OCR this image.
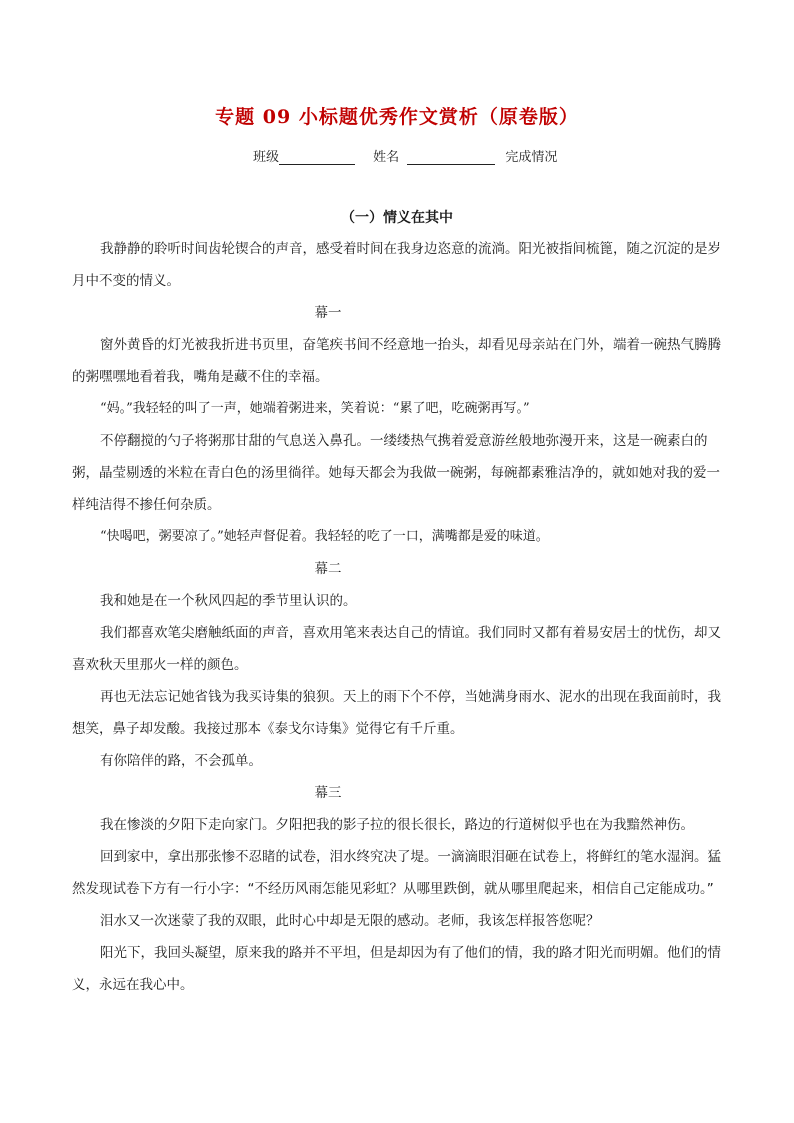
专题 09 小标题优秀作文赏析（原卷版）
班级	姓名	完成情况
（一）情义在其中

我静静的聆听时间齿轮锲合的声音，感受着时间在我身边恣意的流淌。阳光被指间梳篦，随之沉淀的是岁月中不变的情义。

幕一

窗外黄昏的灯光被我折进书页里，奋笔疾书间不经意地一抬头，却看见母亲站在门外，端着一碗热气腾腾的粥嘿嘿地看着我，嘴角是藏不住的幸福。

“妈。”我轻轻的叫了一声，她端着粥进来，笑着说：“累了吧，吃碗粥再写。”

不停翻搅的勺子将粥那甘甜的气息送入鼻孔。一缕缕热气携着爱意游丝般地弥漫开来，这是一碗素白的粥，晶莹剔透的米粒在青白色的汤里徜徉。她每天都会为我做一碗粥，每碗都素雅洁净的，就如她对我的爱一样纯洁得不掺任何杂质。

“快喝吧，粥要凉了。”她轻声督促着。我轻轻的吃了一口，满嘴都是爱的味道。

幕二

我和她是在一个秋风四起的季节里认识的。

我们都喜欢笔尖磨触纸面的声音，喜欢用笔来表达自己的情谊。我们同时又都有着易安居士的忧伤，却又喜欢秋天里那火一样的颜色。

再也无法忘记她省钱为我买诗集的狼狈。天上的雨下个不停，当她满身雨水、泥水的出现在我面前时，我想笑，鼻子却发酸。我接过那本《泰戈尔诗集》觉得它有千斤重。

有你陪伴的路，不会孤单。

幕三

我在惨淡的夕阳下走向家门。夕阳把我的影子拉的很长很长，路边的行道树似乎也在为我黯然神伤。

回到家中，拿出那张惨不忍睹的试卷，泪水终究决了堤。一滴滴眼泪砸在试卷上，将鲜红的笔水湿润。猛然发现试卷下方有一行小字：“不经历风雨怎能见彩虹？从哪里跌倒，就从哪里爬起来，相信自己定能成功。”

泪水又一次迷蒙了我的双眼，此时心中却是无限的感动。老师，我该怎样报答您呢？

阳光下，我回头凝望，原来我的路并不平坦，但是却因为有了他们的情，我的路才阳光而明媚。他们的情义，永远在我心中。
